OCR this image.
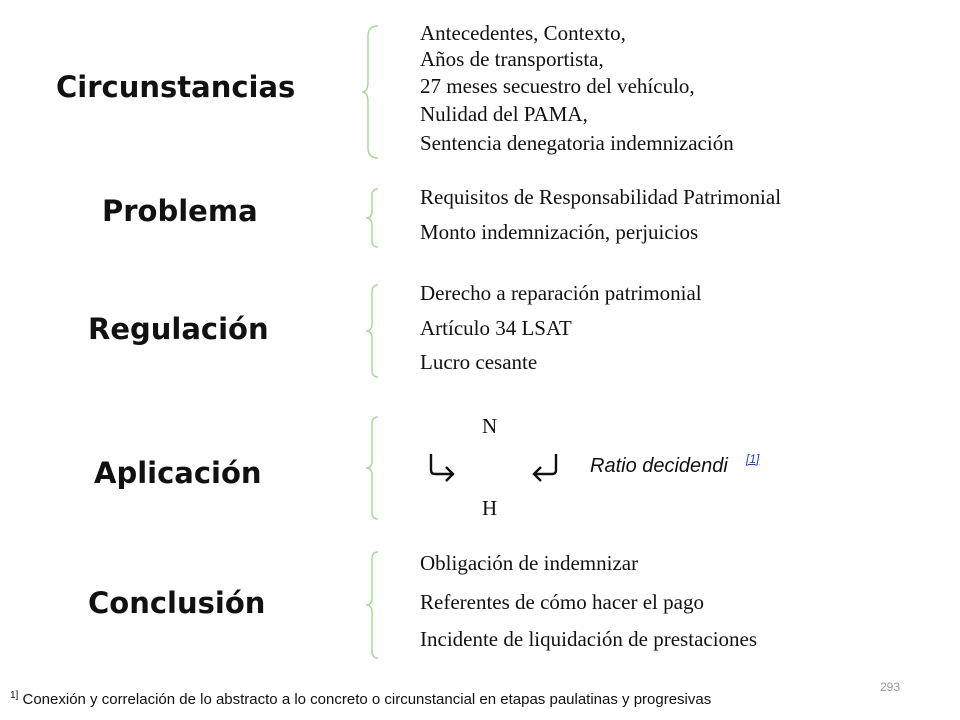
Circunstancias
Antecedentes, Contexto,
Años de transportista,
27 meses secuestro del vehículo,
Nulidad del PAMA,
Sentencia denegatoria indemnización
Problema	Requisitos de Responsabilidad Patrimonial
Monto indemnización, perjuicios
Regulación
Derecho a reparación patrimonial
Artículo 34 LSAT
Lucro cesante
Aplicación
N
H
Ratio decidendi [1]
Conclusión
Obligación de indemnizar
Referentes de cómo hacer el pago
Incidente de liquidación de prestaciones
293
$^{1]}$ Conexión y correlación de lo abstracto a lo concreto o circunstancial en etapas paulatinas y progresivas
